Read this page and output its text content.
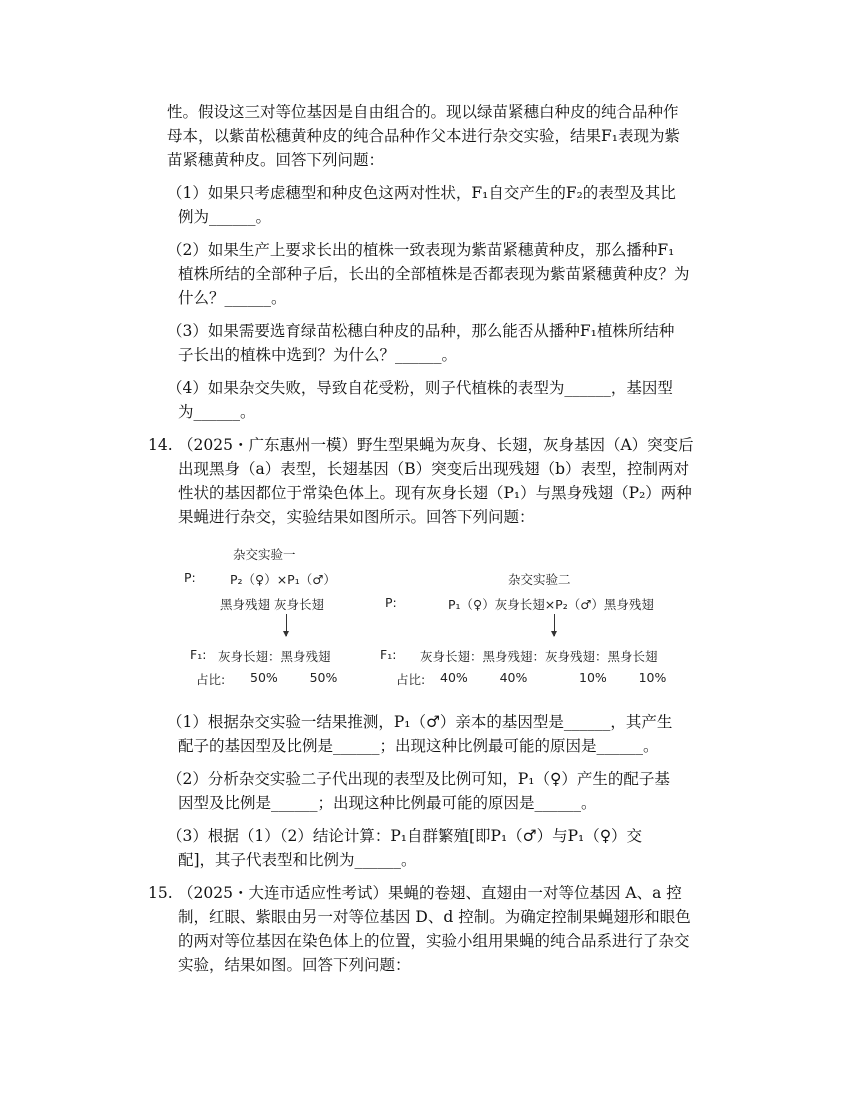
性。假设这三对等位基因是自由组合的。现以绿苗紧穗白种皮的纯合品种作

母本，以紫苗松穗黄种皮的纯合品种作父本进行杂交实验，结果F₁表现为紫

苗紧穗黄种皮。回答下列问题：

（1）如果只考虑穗型和种皮色这两对性状，F₁自交产生的F₂的表型及其比

例为______。

（2）如果生产上要求长出的植株一致表现为紫苗紧穗黄种皮，那么播种F₁

植株所结的全部种子后，长出的全部植株是否都表现为紫苗紧穗黄种皮？为

什么？______。

（3）如果需要选育绿苗松穗白种皮的品种，那么能否从播种F₁植株所结种

子长出的植株中选到？为什么？______。

（4）如果杂交失败，导致自花受粉，则子代植株的表型为______，基因型

为______。

14. （2025・广东惠州一模）野生型果蝇为灰身、长翅，灰身基因（A）突变后

出现黑身（a）表型，长翅基因（B）突变后出现残翅（b）表型，控制两对

性状的基因都位于常染色体上。现有灰身长翅（P₁）与黑身残翅（P₂）两种

果蝇进行杂交，实验结果如图所示。回答下列问题：

杂交实验一
P:	P₂（♀）×P₁（♂）
黑身残翅 灰身长翅
F₁: 灰身长翅：黑身残翅
占比: 50%        50%
杂交实验二
P:	P₁（♀）灰身长翅×P₂（♂）黑身残翅
F₁: 灰身长翅：黑身残翅：灰身残翅：黑身长翅
占比: 40%        40%             10%        10%

（1）根据杂交实验一结果推测，P₁（♂）亲本的基因型是______，其产生

配子的基因型及比例是______；出现这种比例最可能的原因是______。

（2）分析杂交实验二子代出现的表型及比例可知，P₁（♀）产生的配子基

因型及比例是______；出现这种比例最可能的原因是______。

（3）根据（1）（2）结论计算：P₁自群繁殖[即P₁（♂）与P₁（♀）交

配]，其子代表型和比例为______。

15. （2025・大连市适应性考试）果蝇的卷翅、直翅由一对等位基因 A、a 控

制，红眼、紫眼由另一对等位基因 D、d 控制。为确定控制果蝇翅形和眼色

的两对等位基因在染色体上的位置，实验小组用果蝇的纯合品系进行了杂交

实验，结果如图。回答下列问题：
